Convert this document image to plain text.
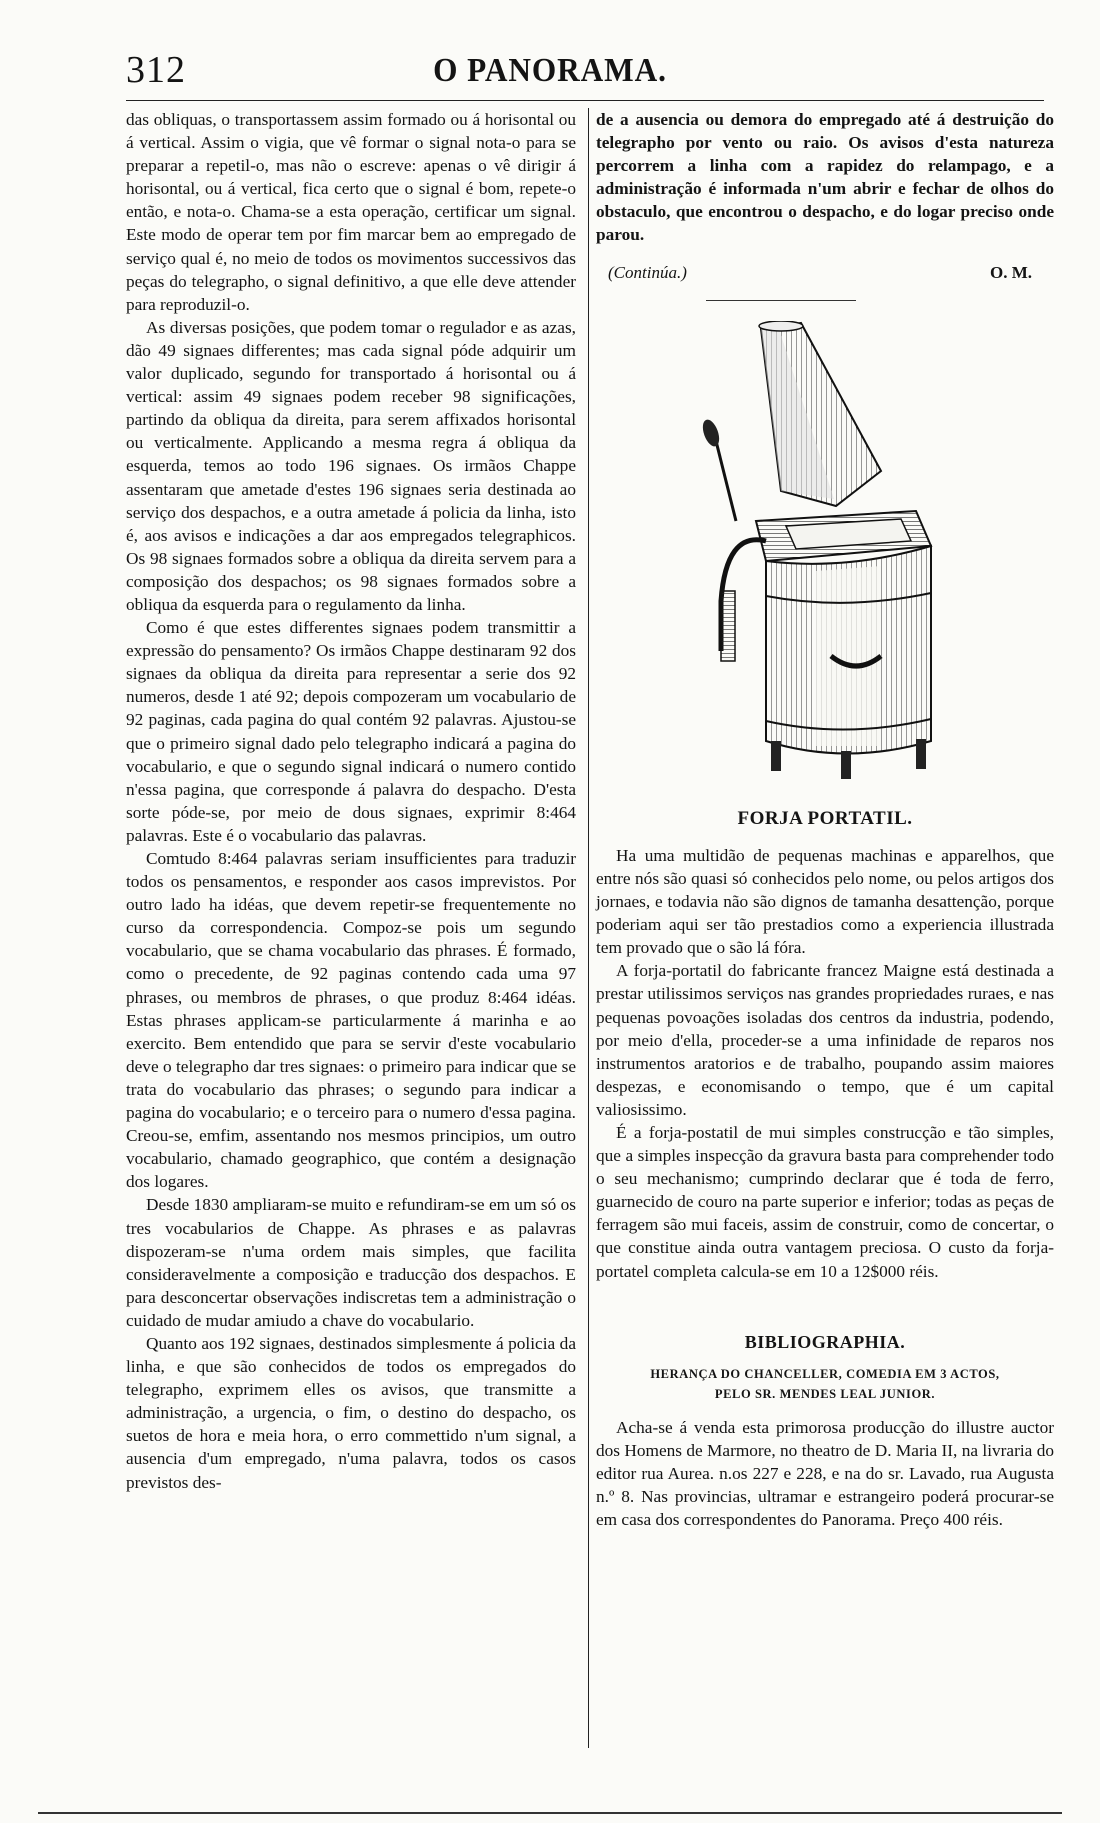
312	O PANORAMA.

das obliquas, o transportassem assim formado ou á horisontal ou á vertical. Assim o vigia, que vê formar o signal nota-o para se preparar a repetil-o, mas não o escreve: apenas o vê dirigir á horisontal, ou á vertical, fica certo que o signal é bom, repete-o então, e nota-o. Chama-se a esta operação, certificar um signal. Este modo de operar tem por fim marcar bem ao empregado de serviço qual é, no meio de todos os movimentos successivos das peças do telegrapho, o signal definitivo, a que elle deve attender para reproduzil-o.

As diversas posições, que podem tomar o regulador e as azas, dão 49 signaes differentes; mas cada signal póde adquirir um valor duplicado, segundo for transportado á horisontal ou á vertical: assim 49 signaes podem receber 98 significações, partindo da obliqua da direita, para serem affixados horisontal ou verticalmente. Applicando a mesma regra á obliqua da esquerda, temos ao todo 196 signaes. Os irmãos Chappe assentaram que ametade d'estes 196 signaes seria destinada ao serviço dos despachos, e a outra ametade á policia da linha, isto é, aos avisos e indicações a dar aos empregados telegraphicos. Os 98 signaes formados sobre a obliqua da direita servem para a composição dos despachos; os 98 signaes formados sobre a obliqua da esquerda para o regulamento da linha.

Como é que estes differentes signaes podem transmittir a expressão do pensamento? Os irmãos Chappe destinaram 92 dos signaes da obliqua da direita para representar a serie dos 92 numeros, desde 1 até 92; depois compozeram um vocabulario de 92 paginas, cada pagina do qual contém 92 palavras. Ajustou-se que o primeiro signal dado pelo telegrapho indicará a pagina do vocabulario, e que o segundo signal indicará o numero contido n'essa pagina, que corresponde á palavra do despacho. D'esta sorte póde-se, por meio de dous signaes, exprimir 8:464 palavras. Este é o vocabulario das palavras.

Comtudo 8:464 palavras seriam insufficientes para traduzir todos os pensamentos, e responder aos casos imprevistos. Por outro lado ha idéas, que devem repetir-se frequentemente no curso da correspondencia. Compoz-se pois um segundo vocabulario, que se chama vocabulario das phrases. É formado, como o precedente, de 92 paginas contendo cada uma 97 phrases, ou membros de phrases, o que produz 8:464 idéas. Estas phrases applicam-se particularmente á marinha e ao exercito. Bem entendido que para se servir d'este vocabulario deve o telegrapho dar tres signaes: o primeiro para indicar que se trata do vocabulario das phrases; o segundo para indicar a pagina do vocabulario; e o terceiro para o numero d'essa pagina. Creou-se, emfim, assentando nos mesmos principios, um outro vocabulario, chamado geographico, que contém a designação dos logares.

Desde 1830 ampliaram-se muito e refundiram-se em um só os tres vocabularios de Chappe. As phrases e as palavras dispozeram-se n'uma ordem mais simples, que facilita consideravelmente a composição e traducção dos despachos. E para desconcertar observações indiscretas tem a administração o cuidado de mudar amiudo a chave do vocabulario.

Quanto aos 192 signaes, destinados simplesmente á policia da linha, e que são conhecidos de todos os empregados do telegrapho, exprimem elles os avisos, que transmitte a administração, a urgencia, o fim, o destino do despacho, os suetos de hora e meia hora, o erro commettido n'um signal, a ausencia d'um empregado, n'uma palavra, todos os casos previstos des-

de a ausencia ou demora do empregado até á destruição do telegrapho por vento ou raio. Os avisos d'esta natureza percorrem a linha com a rapidez do relampago, e a administração é informada n'um abrir e fechar de olhos do obstaculo, que encontrou o despacho, e do logar preciso onde parou.

(Continúa.)	O. M.
FORJA PORTATIL.

Ha uma multidão de pequenas machinas e apparelhos, que entre nós são quasi só conhecidos pelo nome, ou pelos artigos dos jornaes, e todavia não são dignos de tamanha desattenção, porque poderiam aqui ser tão prestadios como a experiencia illustrada tem provado que o são lá fóra.

A forja-portatil do fabricante francez Maigne está destinada a prestar utilissimos serviços nas grandes propriedades ruraes, e nas pequenas povoações isoladas dos centros da industria, podendo, por meio d'ella, proceder-se a uma infinidade de reparos nos instrumentos aratorios e de trabalho, poupando assim maiores despezas, e economisando o tempo, que é um capital valiosissimo.

É a forja-postatil de mui simples construcção e tão simples, que a simples inspecção da gravura basta para comprehender todo o seu mechanismo; cumprindo declarar que é toda de ferro, guarnecido de couro na parte superior e inferior; todas as peças de ferragem são mui faceis, assim de construir, como de concertar, o que constitue ainda outra vantagem preciosa. O custo da forja-portatel completa calcula-se em 10 a 12$000 réis.

BIBLIOGRAPHIA.
HERANÇA DO CHANCELLER, COMEDIA EM 3 ACTOS,
PELO SR. MENDES LEAL JUNIOR.

Acha-se á venda esta primorosa producção do illustre auctor dos Homens de Marmore, no theatro de D. Maria II, na livraria do editor rua Aurea. n.os 227 e 228, e na do sr. Lavado, rua Augusta n.º 8. Nas provincias, ultramar e estrangeiro poderá procurar-se em casa dos correspondentes do Panorama. Preço 400 réis.
